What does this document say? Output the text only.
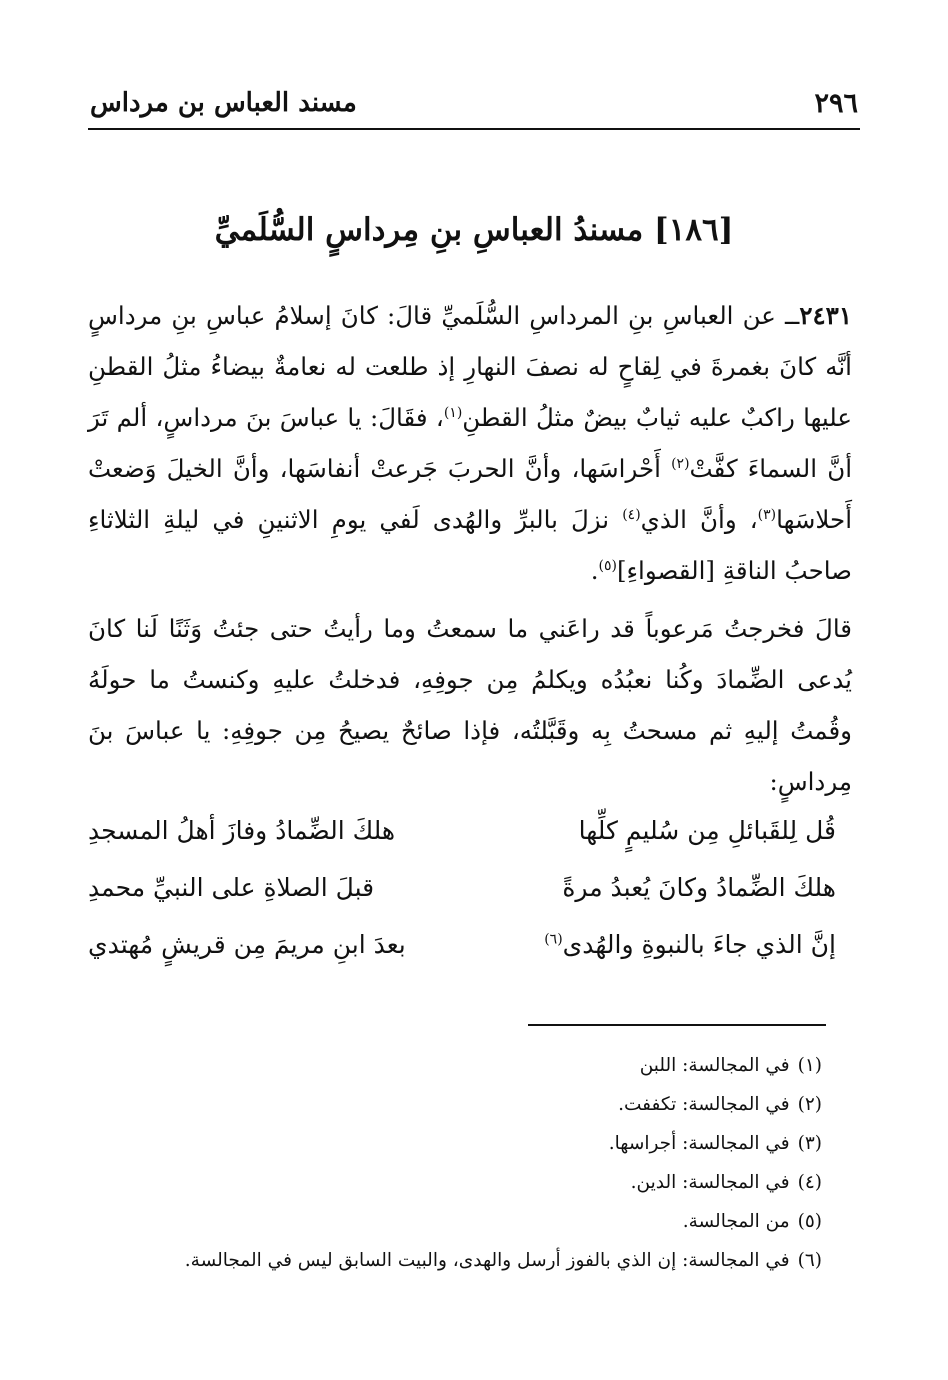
٢٩٦
مسند العباس بن مرداس
[١٨٦] مسندُ العباسِ بنِ مِرداسٍ السُّلَميِّ

٢٤٣١ــ عن العباسِ بنِ المرداسِ السُّلَميِّ قالَ: كانَ إسلامُ عباسِ بنِ مرداسٍ أنَّه كانَ بغمرةَ في لِقاحٍ له نصفَ النهارِ إذ طلعت له نعامةٌ بيضاءُ مثلُ القطنِ عليها راكبٌ عليه ثيابٌ بيضٌ مثلُ القطنِ$^{(١)}$، فقَالَ: يا عباسَ بنَ مرداسٍ، ألم تَرَ أنَّ السماءَ كفَّتْ$^{(٢)}$ أَحْراسَها، وأنَّ الحربَ جَرعتْ أنفاسَها، وأنَّ الخيلَ وَضعتْ أَحلاسَها$^{(٣)}$، وأنَّ الذي$^{(٤)}$ نزلَ بالبرِّ والهُدى لَفي يومِ الاثنينِ في ليلةِ الثلاثاءِ صاحبُ الناقةِ [القصواءِ]$^{(٥)}$.

قالَ فخرجتُ مَرعوباً قد راعَني ما سمعتُ وما رأيتُ حتى جئتُ وَثَنًا لَنا كانَ يُدعى الضِّمادَ وكُنا نعبُدُه ويكلمُ مِن جوفِهِ، فدخلتُ عليهِ وكنستُ ما حولَهُ وقُمتُ إليهِ ثم مسحتُ بِه وقَبَّلتُه، فإذا صائحٌ يصيحُ مِن جوفِهِ: يا عباسَ بنَ مِرداسٍ:

قُل لِلقَبائلِ مِن سُليمٍ كلِّها
هلكَ الضِّمادُ وفازَ أهلُ المسجدِ
هلكَ الضِّمادُ وكانَ يُعبدُ مرةً
قبلَ الصلاةِ على النبيِّ محمدِ
إنَّ الذي جاءَ بالنبوةِ والهُدى$^{(٦)}$
بعدَ ابنِ مريمَ مِن قريشٍ مُهتدي
(١)في المجالسة: اللبن
(٢)في المجالسة: تكففت.
(٣)في المجالسة: أجراسها.
(٤)في المجالسة: الدين.
(٥)من المجالسة.
(٦)في المجالسة: إن الذي بالفوز أرسل والهدى، والبيت السابق ليس في المجالسة.
